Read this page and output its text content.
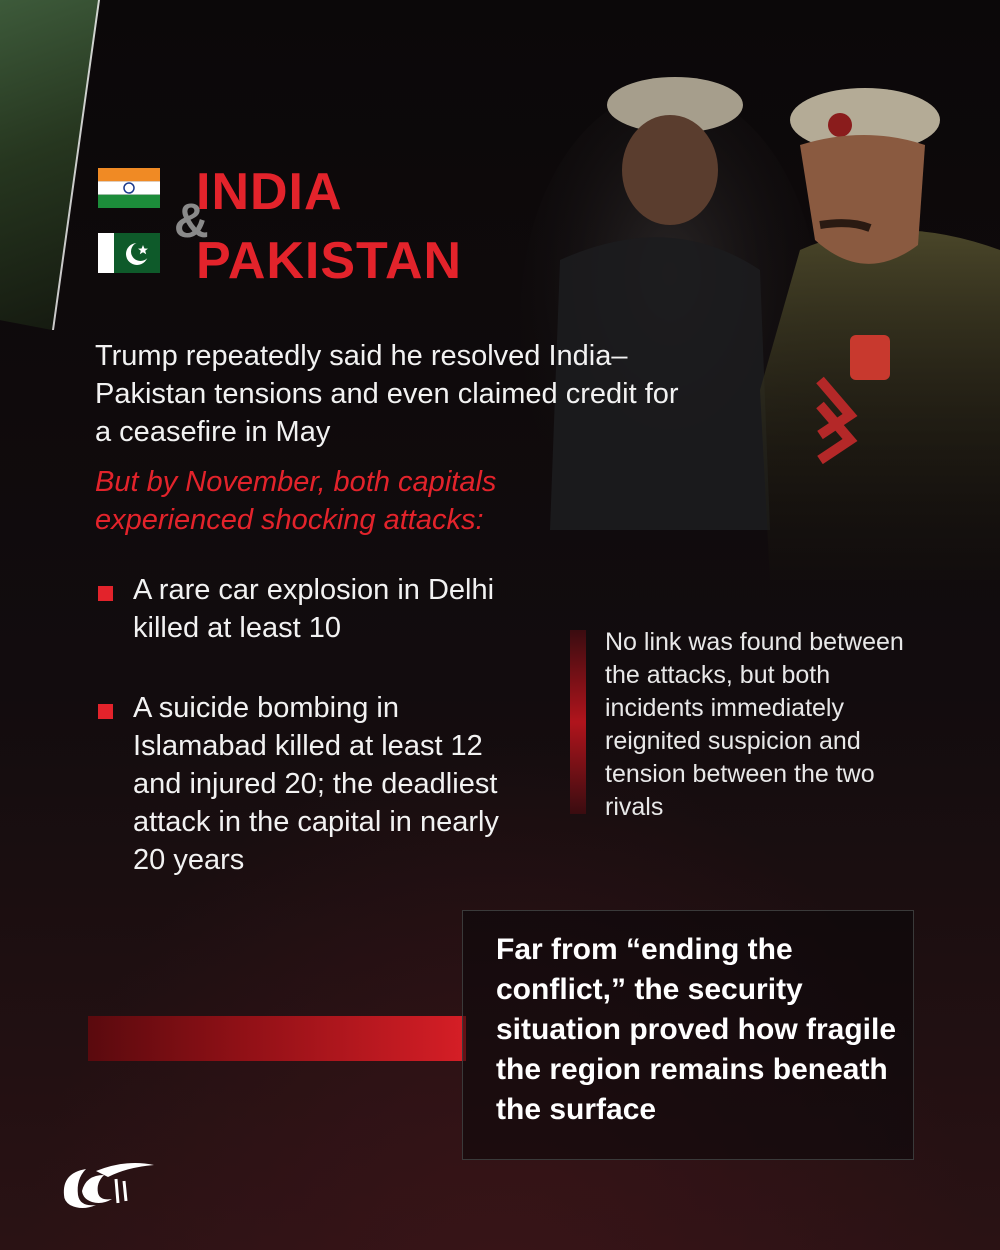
&
INDIA
PAKISTAN

Trump repeatedly said he resolved India–Pakistan tensions and even claimed credit for a ceasefire in May

But by November, both capitals experienced shocking attacks:

A rare car explosion in Delhi killed at least 10

A suicide bombing in Islamabad killed at least 12 and injured 20; the deadliest attack in the capital in nearly 20 years

No link was found between the attacks, but both incidents immediately reignited suspicion and tension between the two rivals

Far from “ending the conflict,” the security situation proved how fragile the region remains beneath the surface
